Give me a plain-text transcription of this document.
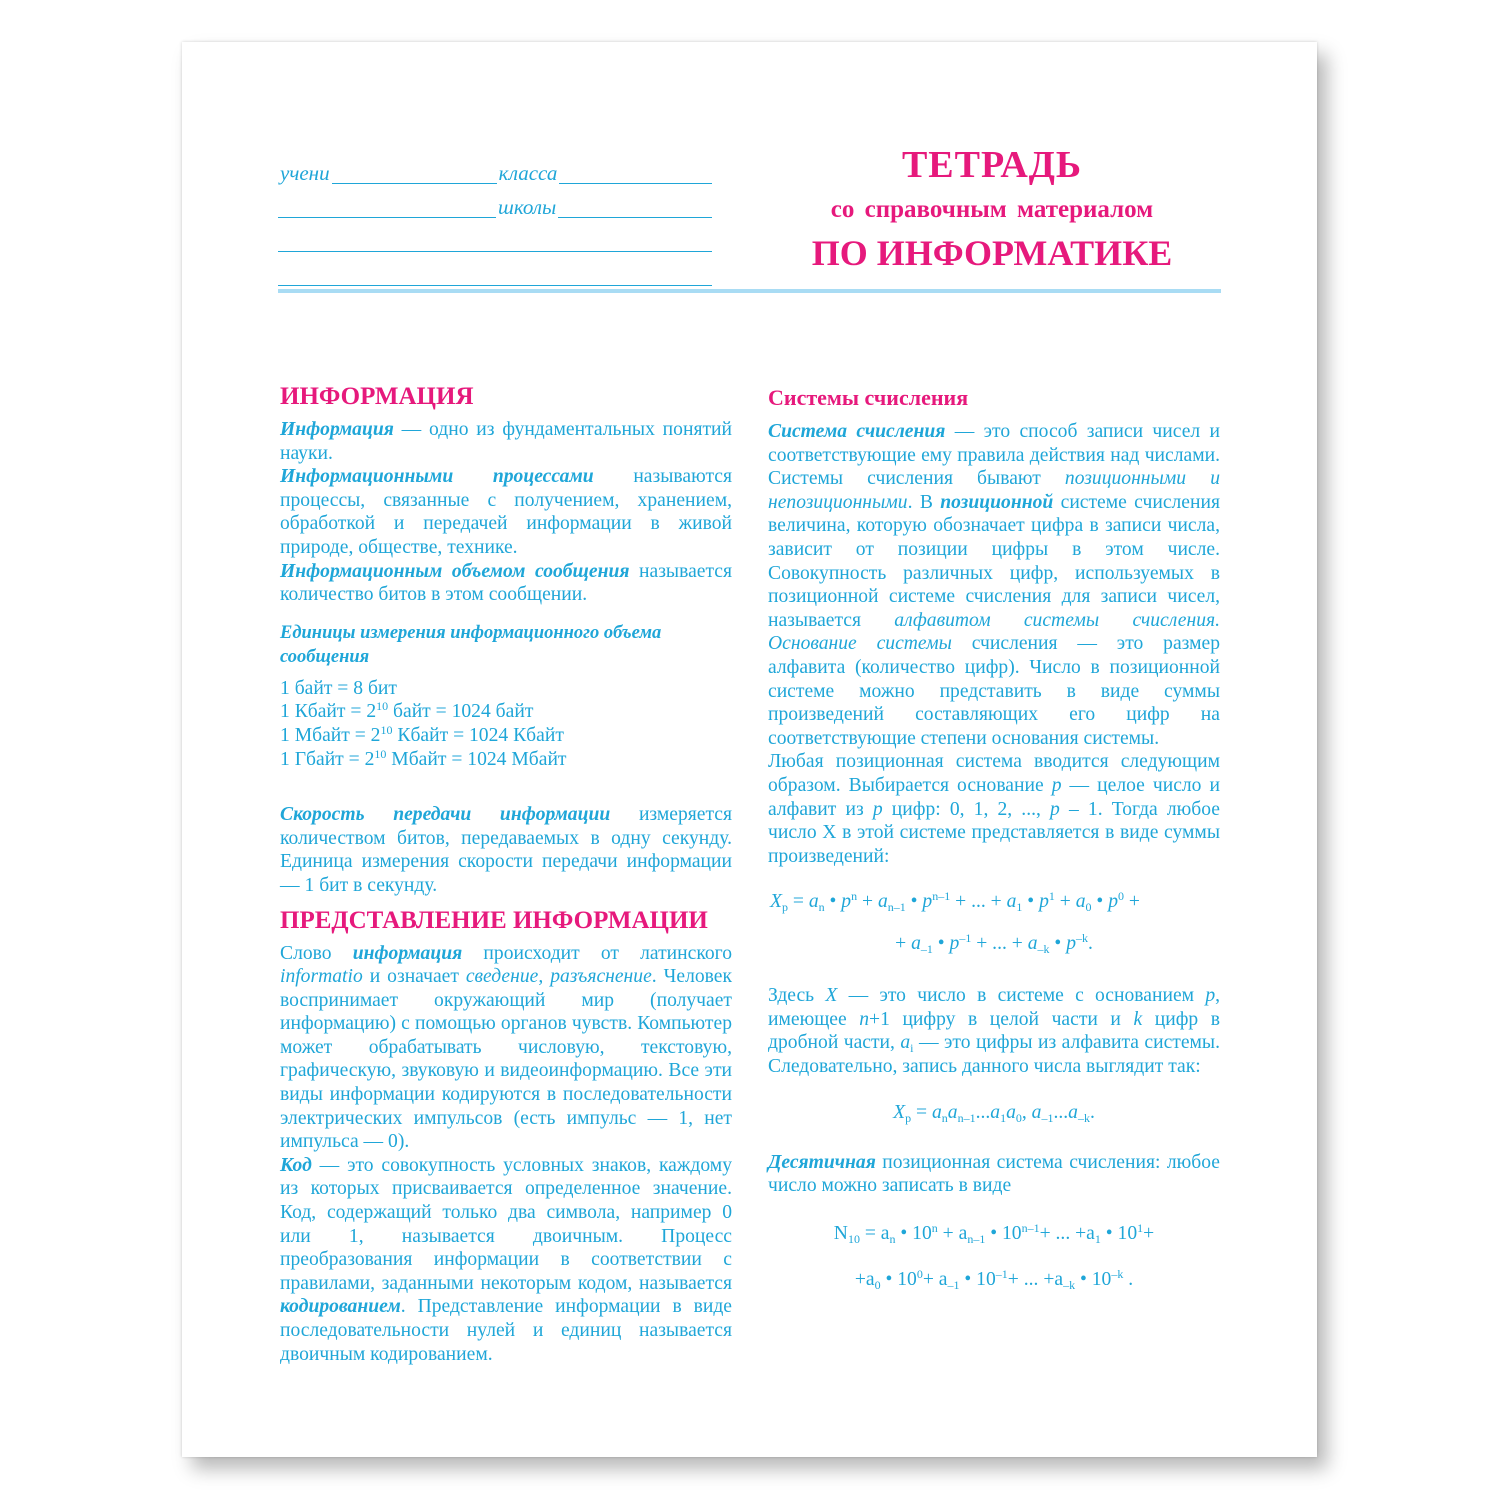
учени	класса
школы
ТЕТРАДЬ
со справочным материалом
ПО ИНФОРМАТИКЕ
ИНФОРМАЦИЯ

Информация — одно из фундаментальных понятий науки.

Информационными процессами называются процессы, связанные с получением, хранением, обработкой и передачей информации в живой природе, обществе, технике.

Информационным объемом сообщения называется количество битов в этом сообщении.

Единицы измерения информационного объема сообщения

1 байт = 8 бит

1 Кбайт = $2^{10}$ байт = 1024 байт

1 Мбайт = $2^{10}$ Кбайт = 1024 Кбайт

1 Гбайт = $2^{10}$ Мбайт = 1024 Мбайт

Скорость передачи информации измеряется количеством битов, передаваемых в одну секунду. Единица измерения скорости передачи информации — 1 бит в секунду.

ПРЕДСТАВЛЕНИЕ ИНФОРМАЦИИ

Слово информация происходит от латинского informatio и означает сведение, разъяснение. Человек воспринимает окружающий мир (получает информацию) с помощью органов чувств. Компьютер может обрабатывать числовую, текстовую, графическую, звуковую и видеоинформацию. Все эти виды информации кодируются в последовательности электрических импульсов (есть импульс — 1, нет импульса — 0).

Код — это совокупность условных знаков, каждому из которых присваивается определенное значение. Код, содержащий только два символа, например 0 или 1, называется двоичным. Процесс преобразования информации в соответствии с правилами, заданными некоторым кодом, называется кодированием. Представление информации в виде последовательности нулей и единиц называется двоичным кодированием.

Системы счисления

Система счисления — это способ записи чисел и соответствующие ему правила действия над числами. Системы счисления бывают позиционными и непозиционными. В позиционной системе счисления величина, которую обозначает цифра в записи числа, зависит от позиции цифры в этом числе. Совокупность различных цифр, используемых в позиционной системе счисления для записи чисел, называется алфавитом системы счисления. Основание системы счисления — это размер алфавита (количество цифр). Число в позиционной системе можно представить в виде суммы произведений составляющих его цифр на соответствующие степени основания системы.

Любая позиционная система вводится следующим образом. Выбирается основание p — целое число и алфавит из p цифр: 0, 1, 2, ..., p – 1. Тогда любое число X в этой системе представляется в виде суммы произведений:

$X_p = a_n$ • $p^n + a_{n-1}$ • $p^{n-1}$ + ... + $a_1$ • $p^1 + a_0$ • $p^0$ +
+ $a_{-1}$ • $p^{-1}$ + ... + $a_{-k}$ • $p^{-k}$.

Здесь X — это число в системе с основанием p, имеющее n+1 цифру в целой части и k цифр в дробной части, $a_i$ — это цифры из алфавита системы. Следовательно, запись данного числа выглядит так:

$X_p = a_na_{n-1}...a_1a_0$, $a_{-1}...a_{-k}$.

Десятичная позиционная система счисления: любое число можно записать в виде

$N_{10} = a_n$ • $10^n + a_{n-1}$ • $10^{n-1}+$ ... $+a_1$ • $10^1+$
$+a_0$ • $10^0+ a_{-1}$ • $10^{-1}+$ ... $+a_{-k}$ • $10^{-k}$ .
